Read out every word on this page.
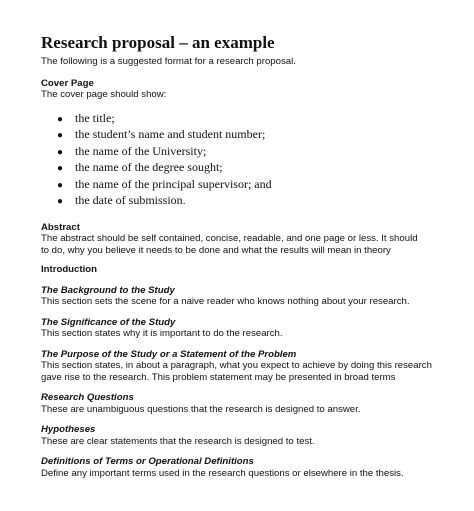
Research proposal – an example
The following is a suggested format for a research proposal.
Cover Page
The cover page should show:
● the title;
● the student’s name and student number;
● the name of the University;
● the name of the degree sought;
● the name of the principal supervisor; and
● the date of submission.
Abstract
The abstract should be self contained, concise, readable, and one page or less. It should
to do, why you believe it needs to be done and what the results will mean in theory
Introduction
The Background to the Study
This section sets the scene for a naive reader who knows nothing about your research.
The Significance of the Study
This section states why it is important to do the research.
The Purpose of the Study or a Statement of the Problem
This section states, in about a paragraph, what you expect to achieve by doing this research
gave rise to the research. This problem statement may be presented in broad terms
Research Questions
These are unambiguous questions that the research is designed to answer.
Hypotheses
These are clear statements that the research is designed to test.
Definitions of Terms or Operational Definitions
Define any important terms used in the research questions or elsewhere in the thesis.
